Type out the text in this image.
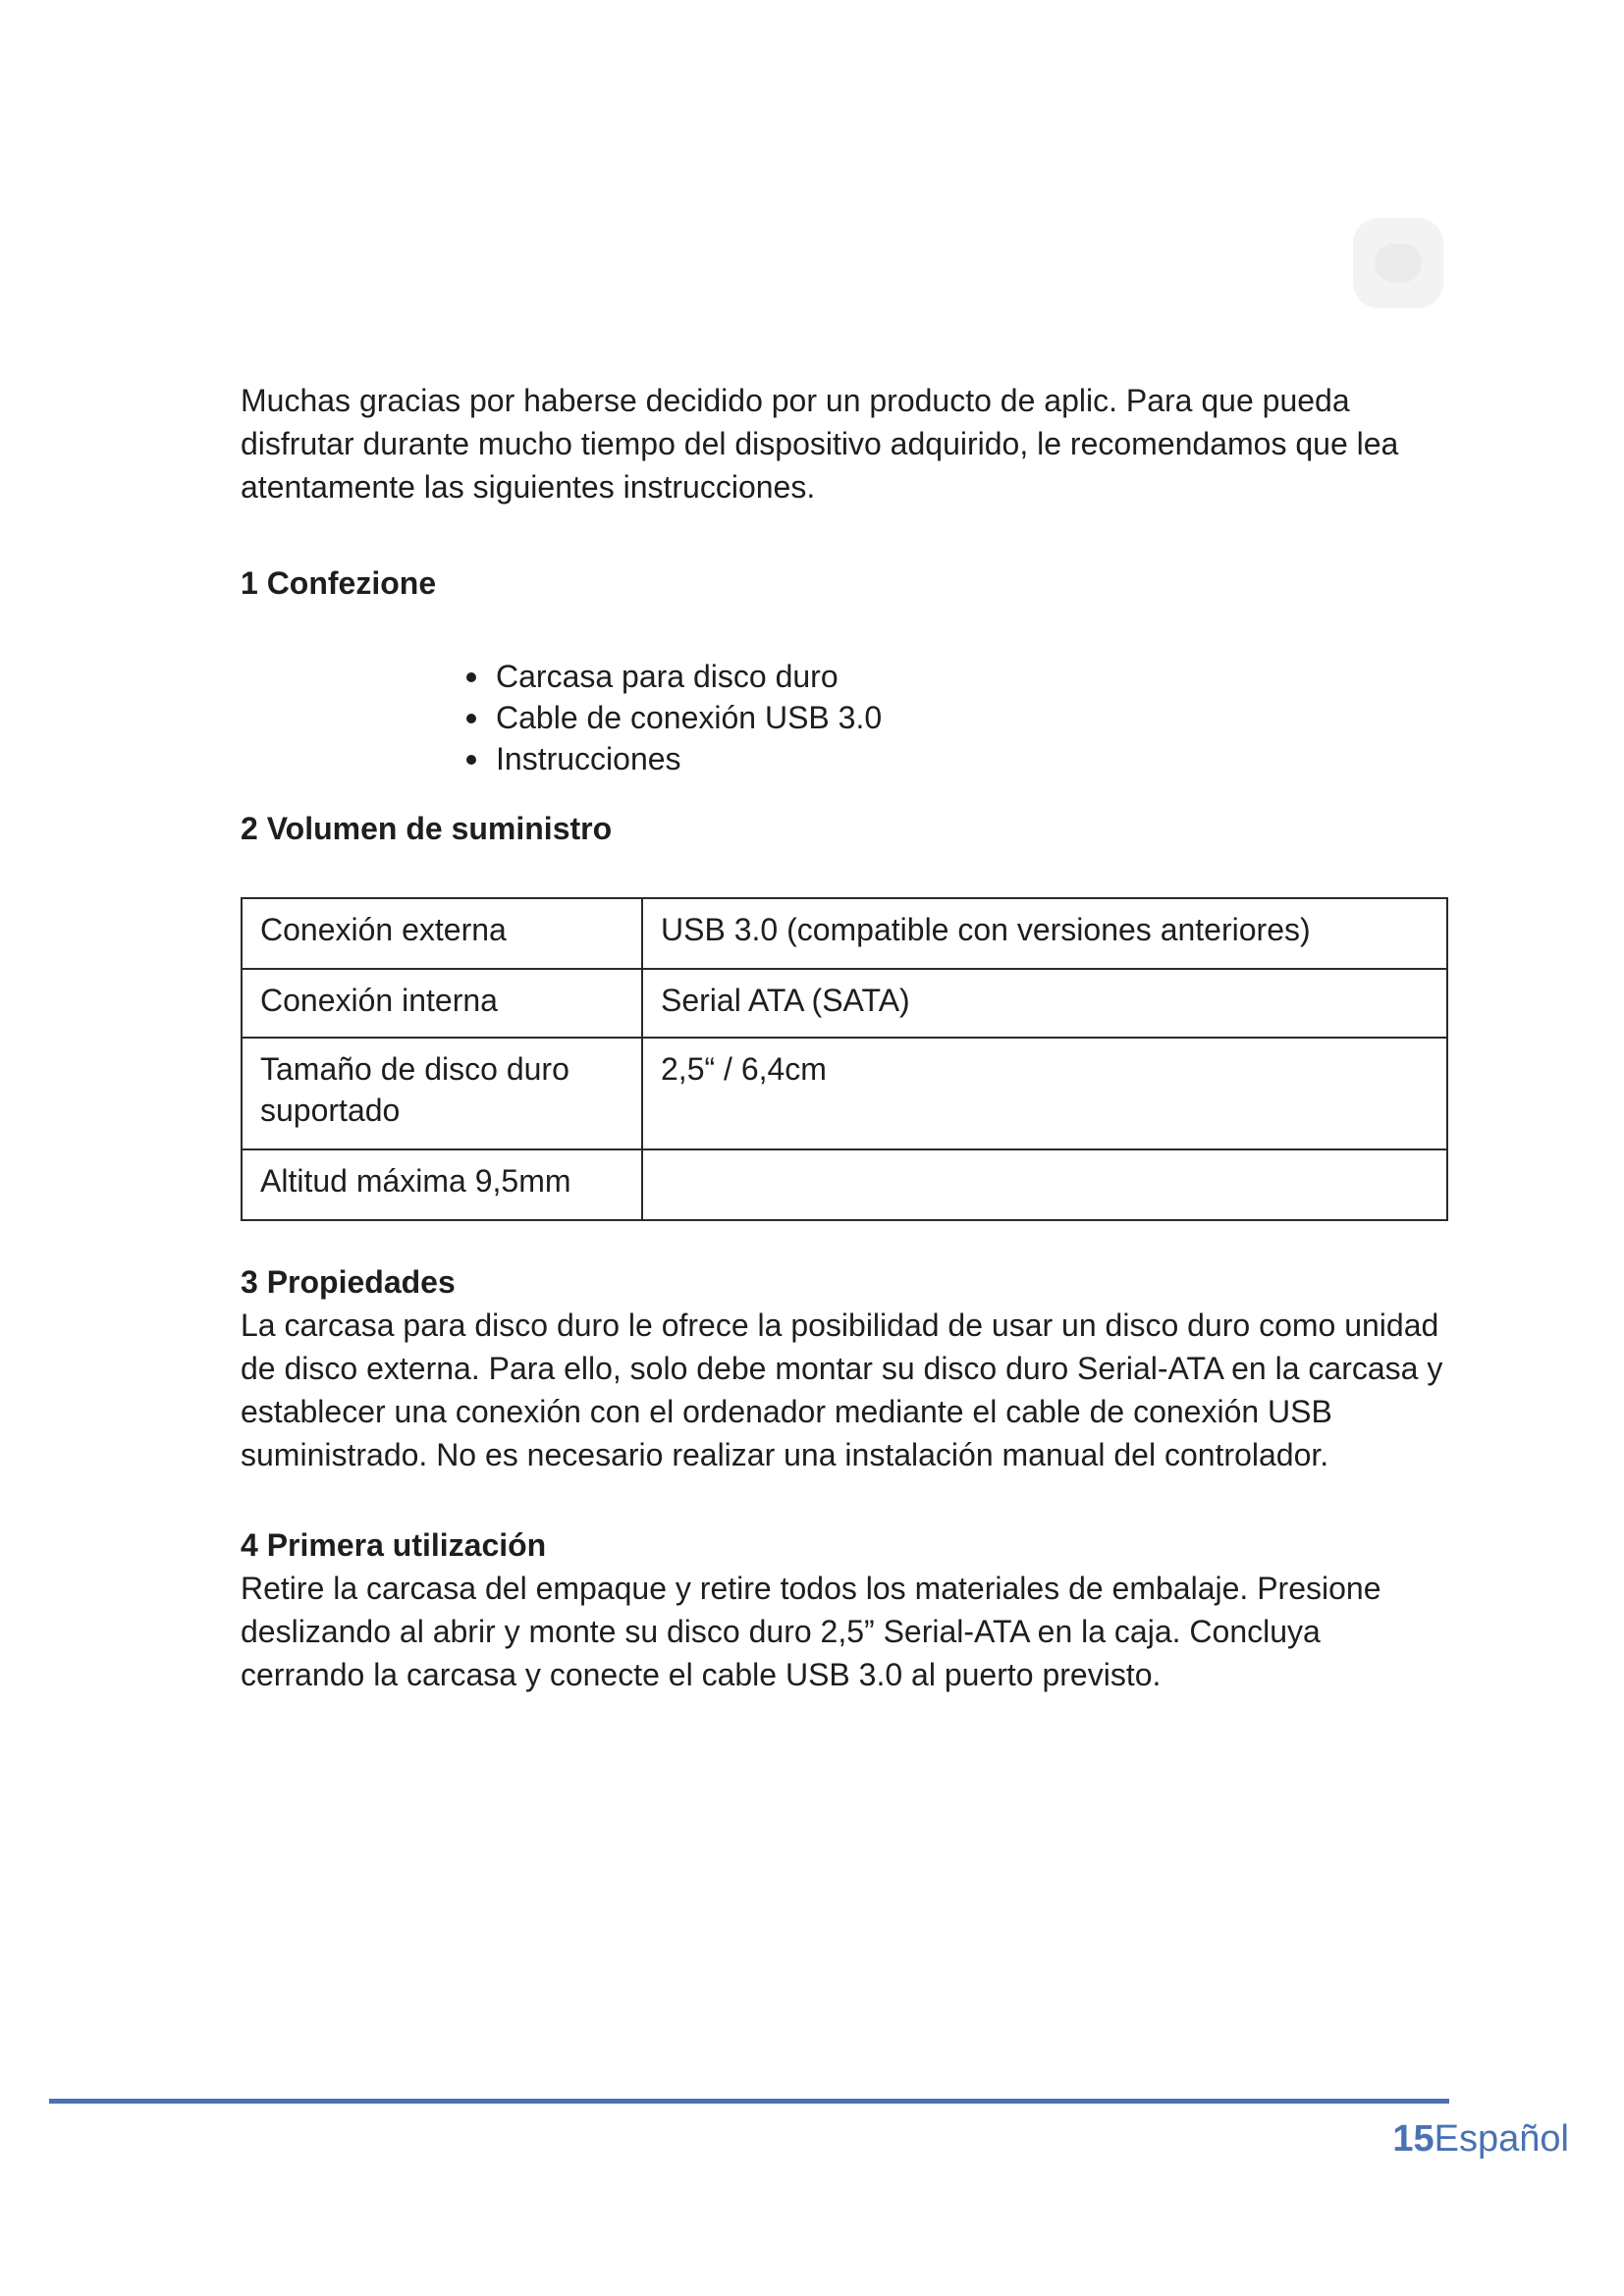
Muchas gracias por haberse decidido por un producto de aplic. Para que pueda disfrutar durante mucho tiempo del dispositivo adquirido, le recomendamos que lea atentamente las siguientes instrucciones.

1 Confezione
Carcasa para disco duro
Cable de conexión USB 3.0
Instrucciones
2 Volumen de suministro
Conexión externa	USB 3.0 (compatible con versiones anteriores)
Conexión interna	Serial ATA (SATA)
Tamaño de disco duro suportado	2,5“ / 6,4cm
Altitud máxima 9,5mm	
3 Propiedades

La carcasa para disco duro le ofrece la posibilidad de usar un disco duro como unidad de disco externa. Para ello, solo debe montar su disco duro Serial-ATA en la carcasa y establecer una conexión con el ordenador mediante el cable de conexión USB suministrado. No es necesario realizar una instalación manual del controlador.

4 Primera utilización

Retire la carcasa del empaque y retire todos los materiales de embalaje. Presione deslizando al abrir y monte su disco duro 2,5” Serial-ATA en la caja. Concluya cerrando la carcasa y conecte el cable USB 3.0 al puerto previsto.

15Español
